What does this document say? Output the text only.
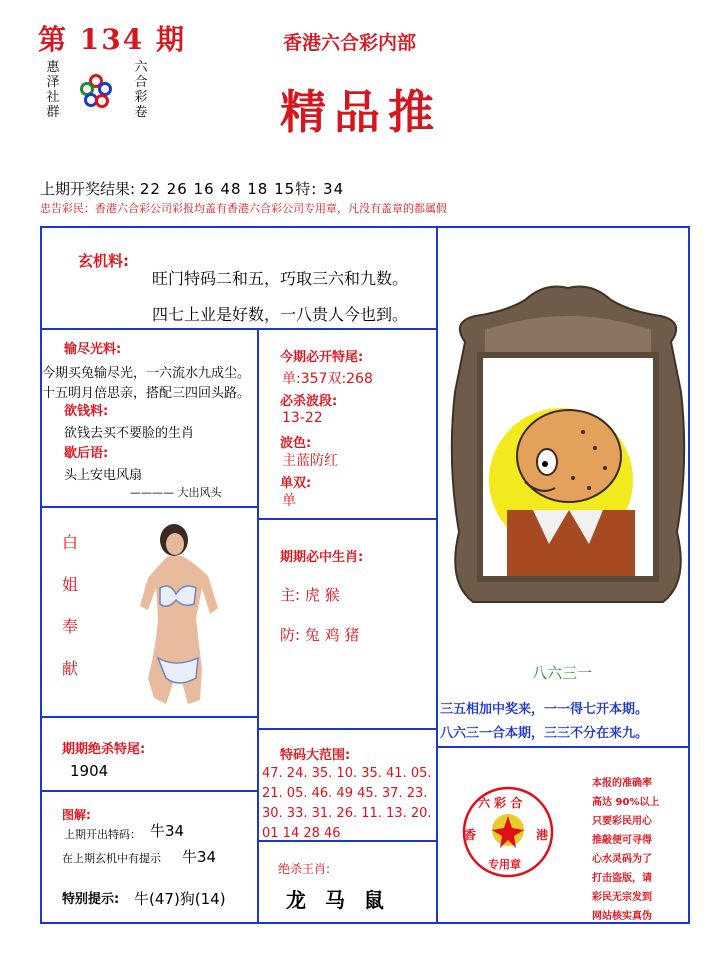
第 134 期
惠
泽
社
群
六
合
彩
卷
香港六合彩内部
精品推
上期开奖结果: 22 26 16 48 18 15特: 34
忠告彩民：香港六合彩公司彩报均盖有香港六合彩公司专用章，凡没有盖章的都属假
玄机料:
旺门特码二和五，巧取三六和九数。
四七上业是好数，一八贵人今也到。
输尽光料:
今期买兔输尽光，一六流水九成尘。
十五明月倍思亲，搭配三四回头路。
欲钱料:
欲钱去买不要脸的生肖
歇后语:
头上安电风扇
———— 大出风头
今期必开特尾:
单:357双:268
必杀波段:
13-22
波色:
主蓝防红
单双:
单
白
姐
奉
献
期期必中生肖:
主: 虎 猴
防: 兔 鸡 猪
八六三一
三五相加中奖来，一一得七开本期。
八六三一合本期，三三不分在来九。
期期绝杀特尾:
1904
特码大范围:
47. 24. 35. 10. 35. 41. 05.
21. 05. 46. 49 45. 37. 23.
30. 33. 31. 26. 11. 13. 20.
01 14 28 46
图解:
上期开出特码： 牛34
在上期玄机中有提示 牛34
特别提示: 牛(47)狗(14)
绝杀王肖:
龙 马 鼠
六 彩 合
香	港
专用章
本报的准确率
高达 90%以上
只要彩民用心
推敲便可寻得
心水灵码为了
打击盗版，请
彩民无宗发到
网站核实真伪
